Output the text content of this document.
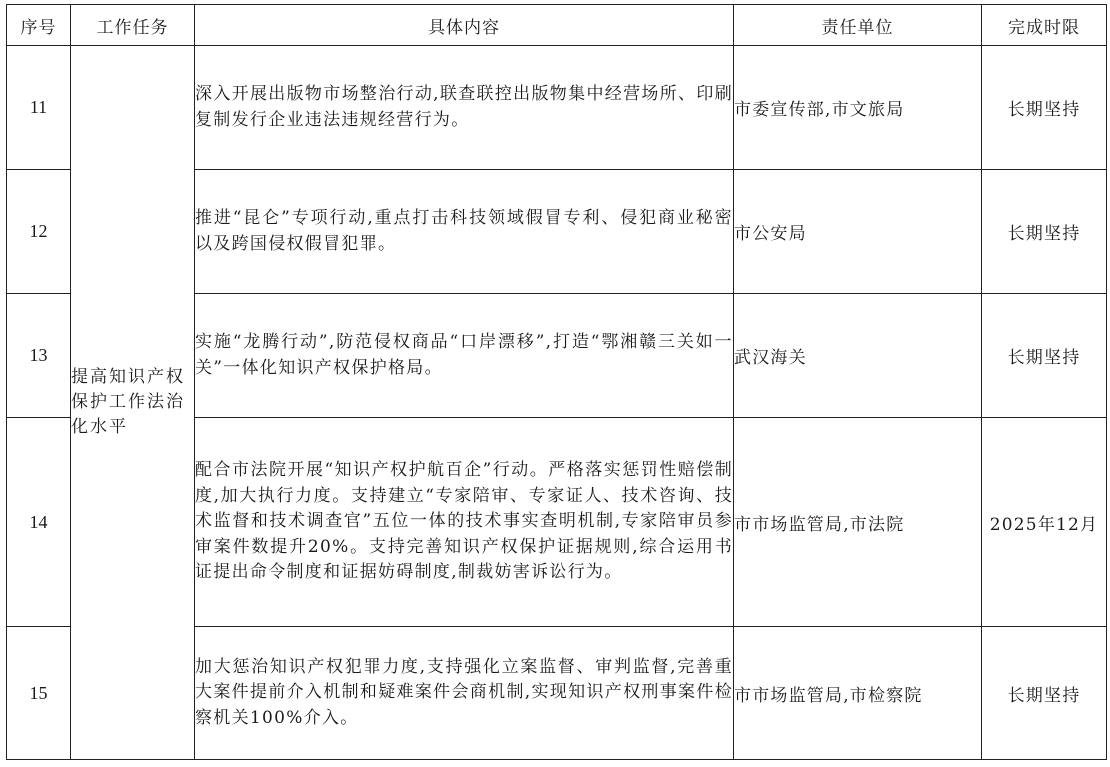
序号	工作任务	具体内容	责任单位	完成时限
11	提高知识产权保护工作法治化水平	深入开展出版物市场整治行动,联查联控出版物集中经营场所、印刷复制发行企业违法违规经营行为。	市委宣传部,市文旅局	长期坚持
12		推进“昆仑”专项行动,重点打击科技领域假冒专利、侵犯商业秘密以及跨国侵权假冒犯罪。	市公安局	长期坚持
13		实施“龙腾行动”,防范侵权商品“口岸漂移”,打造“鄂湘赣三关如一关”一体化知识产权保护格局。	武汉海关	长期坚持
14		配合市法院开展“知识产权护航百企”行动。严格落实惩罚性赔偿制度,加大执行力度。支持建立“专家陪审、专家证人、技术咨询、技术监督和技术调查官”五位一体的技术事实查明机制,专家陪审员参审案件数提升20%。支持完善知识产权保护证据规则,综合运用书证提出命令制度和证据妨碍制度,制裁妨害诉讼行为。	市市场监管局,市法院	2025年12月
15		加大惩治知识产权犯罪力度,支持强化立案监督、审判监督,完善重大案件提前介入机制和疑难案件会商机制,实现知识产权刑事案件检察机关100%介入。	市市场监管局,市检察院	长期坚持
